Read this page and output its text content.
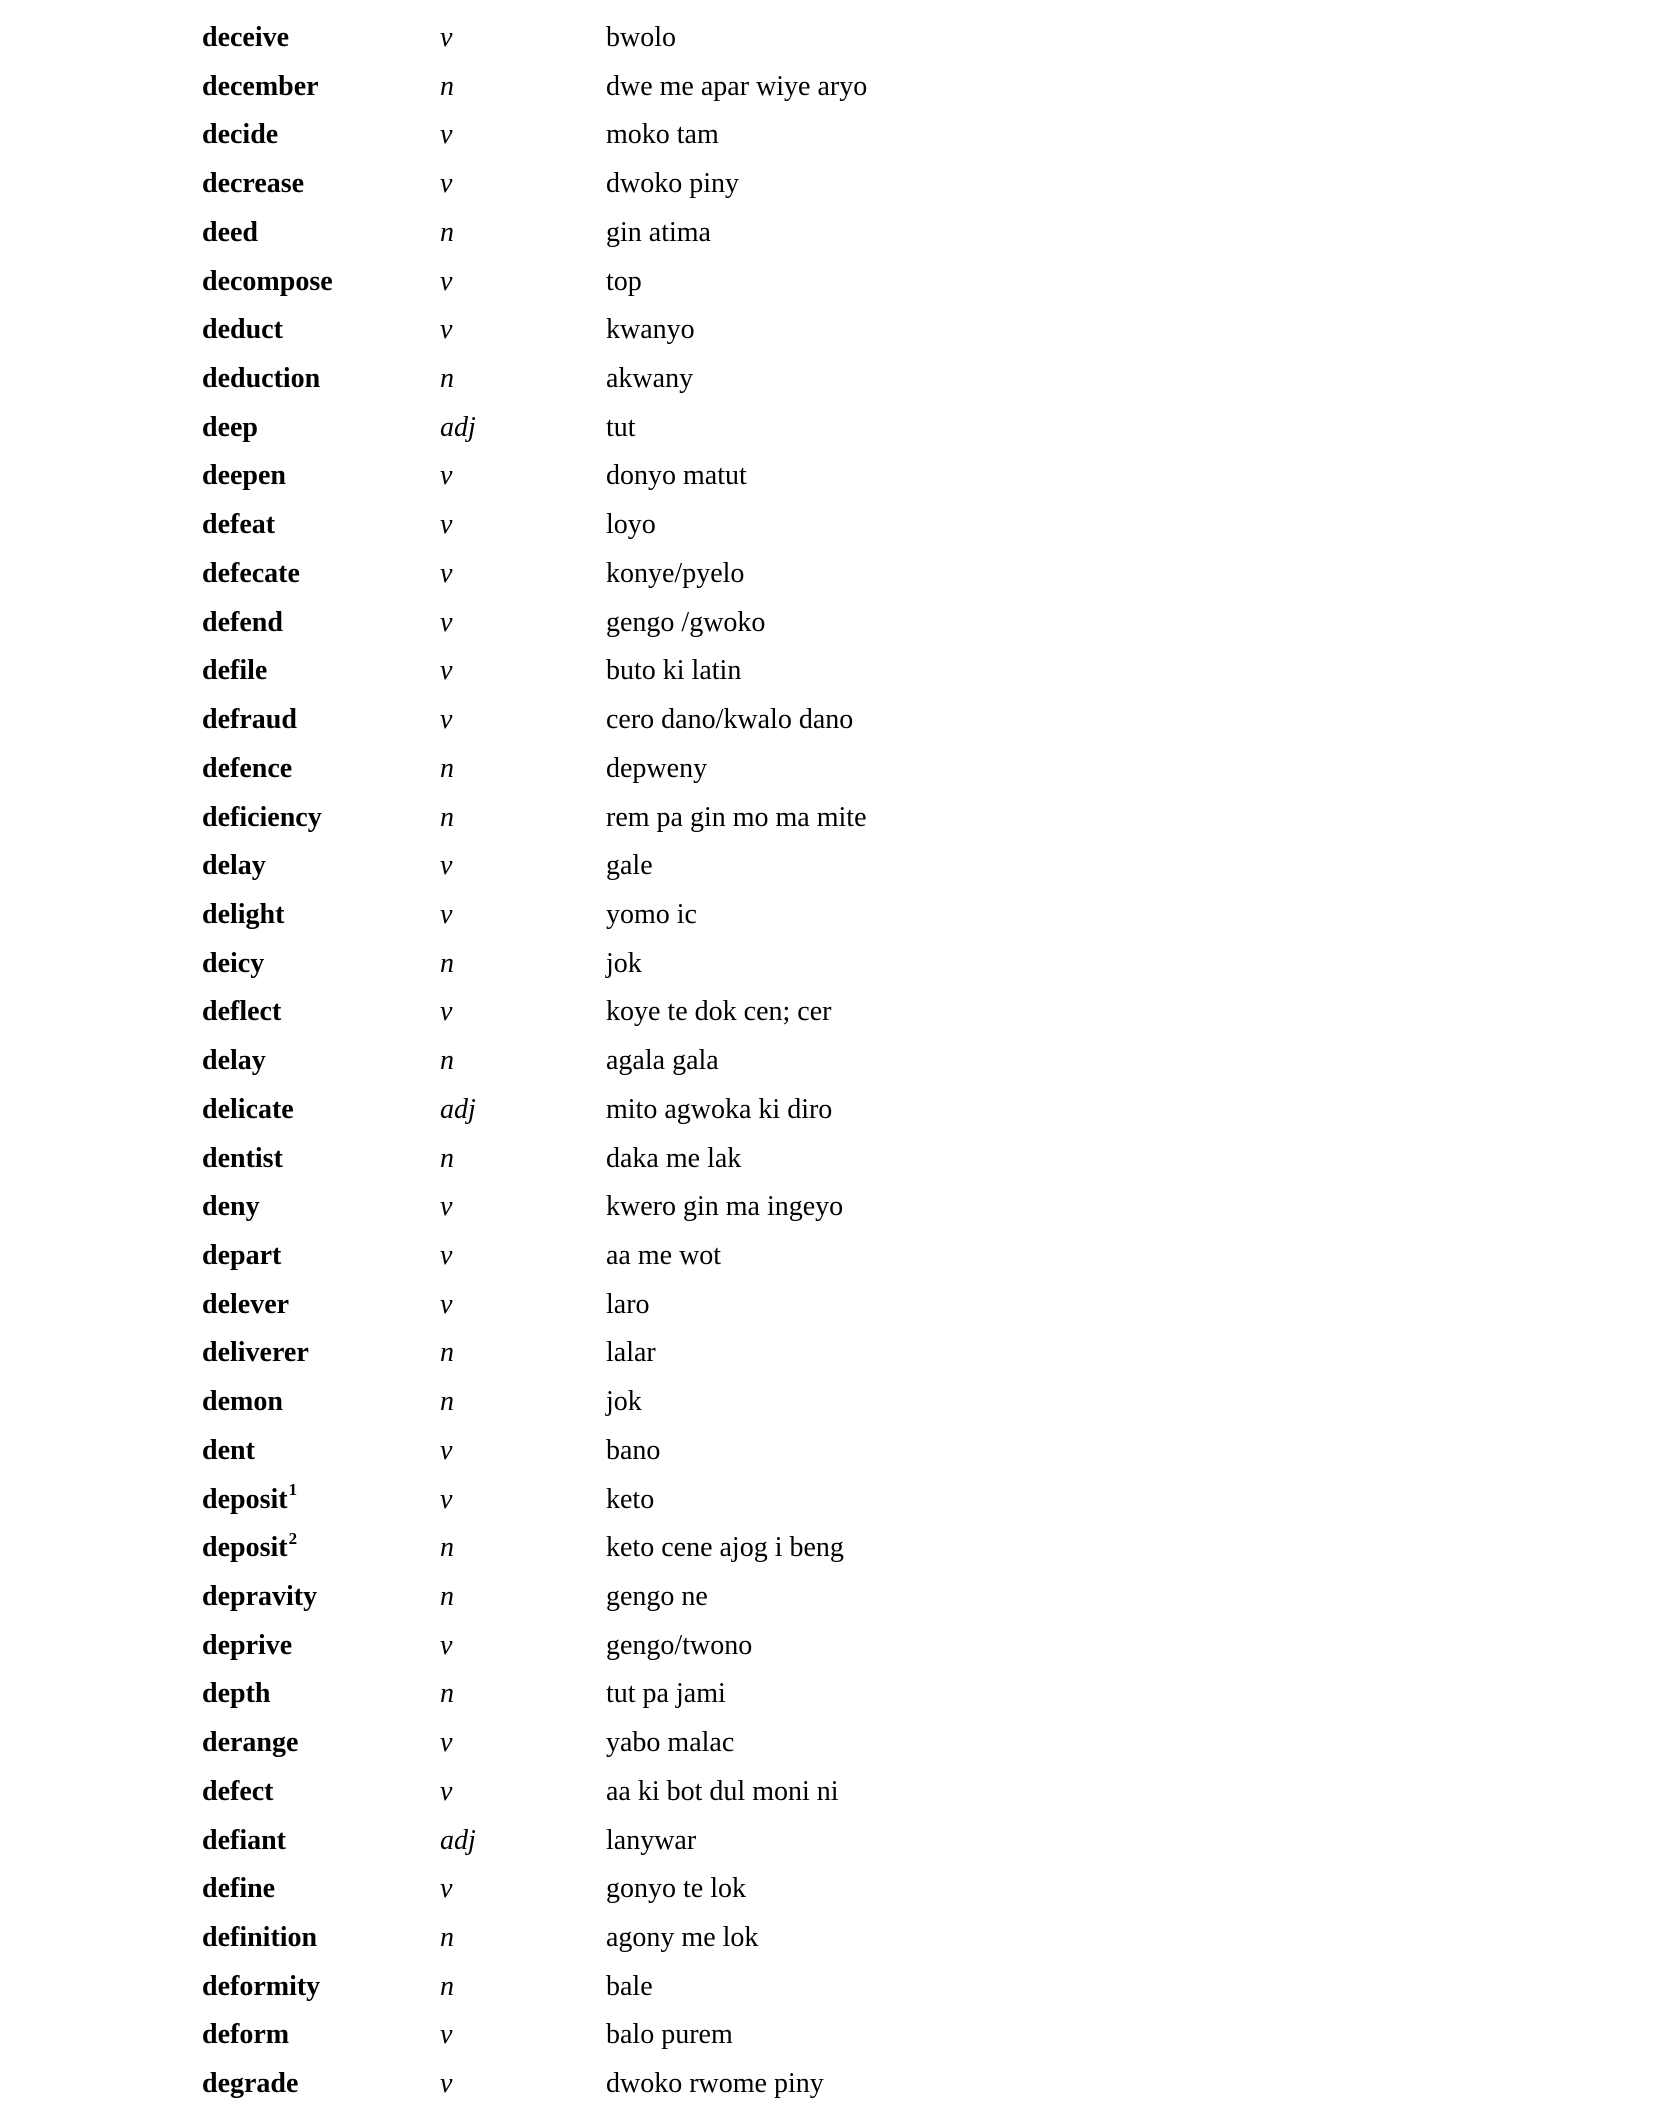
deceive	v	bwolo
december	n	dwe me apar wiye aryo
decide	v	moko tam
decrease	v	dwoko piny
deed	n	gin atima
decompose	v	top
deduct	v	kwanyo
deduction	n	akwany
deep	adj	tut
deepen	v	donyo matut
defeat	v	loyo
defecate	v	konye/pyelo
defend	v	gengo /gwoko
defile	v	buto ki latin
defraud	v	cero dano/kwalo dano
defence	n	depweny
deficiency	n	rem pa gin mo ma mite
delay	v	gale
delight	v	yomo ic
deicy	n	jok
deflect	v	koye te dok cen; cer
delay	n	agala gala
delicate	adj	mito agwoka ki diro
dentist	n	daka me lak
deny	v	kwero gin ma ingeyo
depart	v	aa me wot
delever	v	laro
deliverer	n	lalar
demon	n	jok
dent	v	bano
deposit$^1$	v	keto
deposit$^2$	n	keto cene ajog i beng
depravity	n	gengo ne
deprive	v	gengo/twono
depth	n	tut pa jami
derange	v	yabo malac
defect	v	aa ki bot dul moni ni
defiant	adj	lanywar
define	v	gonyo te lok
definition	n	agony me lok
deformity	n	bale
deform	v	balo purem
degrade	v	dwoko rwome piny
